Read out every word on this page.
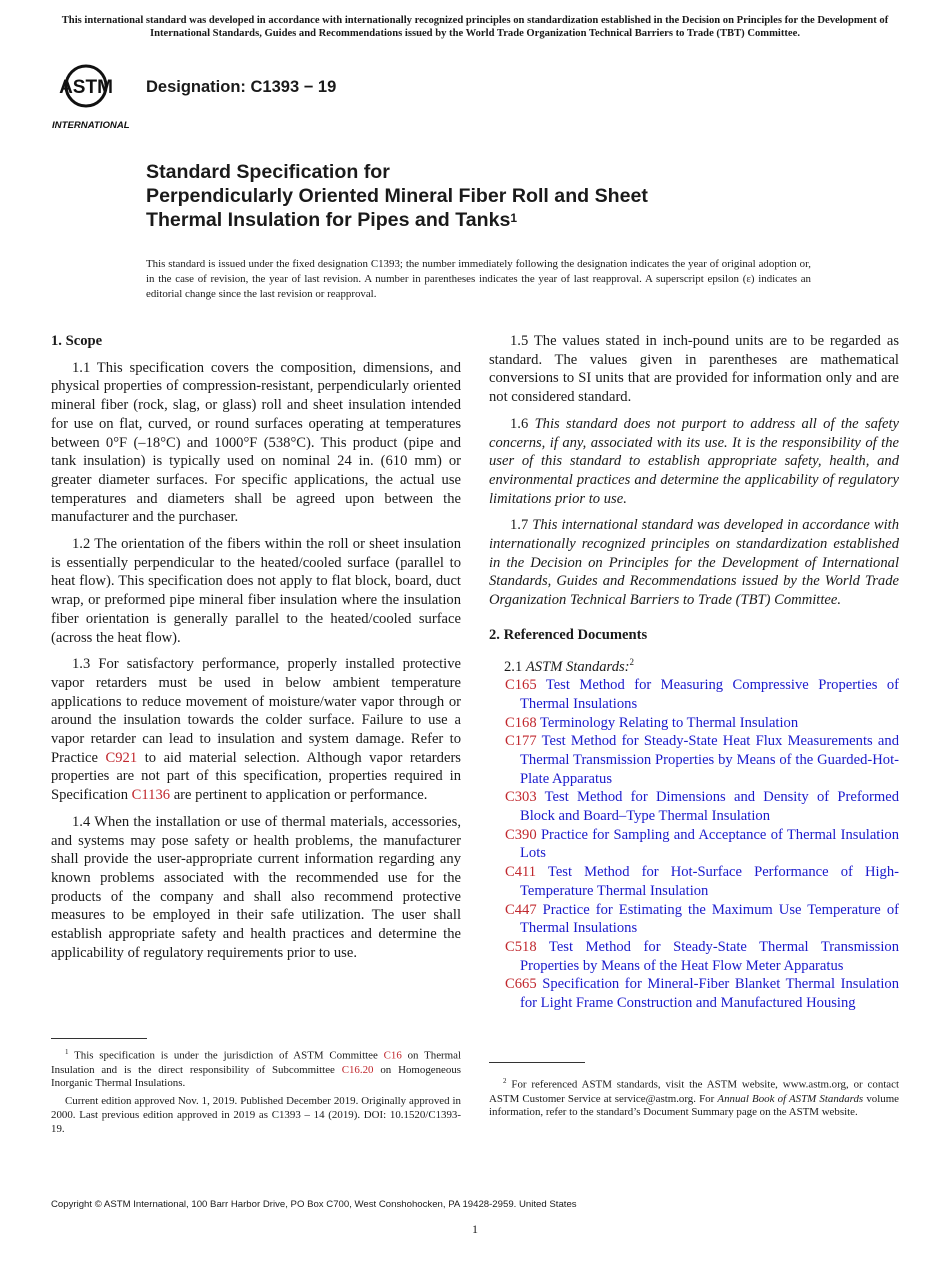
This international standard was developed in accordance with internationally recognized principles on standardization established in the Decision on Principles for the Development of International Standards, Guides and Recommendations issued by the World Trade Organization Technical Barriers to Trade (TBT) Committee.
ASTM
INTERNATIONAL
Designation: C1393 − 19
Standard Specification for
Perpendicularly Oriented Mineral Fiber Roll and Sheet
Thermal Insulation for Pipes and Tanks$^1$
This standard is issued under the fixed designation C1393; the number immediately following the designation indicates the year of original adoption or, in the case of revision, the year of last revision. A number in parentheses indicates the year of last reapproval. A superscript epsilon (ε) indicates an editorial change since the last revision or reapproval.
1. Scope

1.1 This specification covers the composition, dimensions, and physical properties of compression-resistant, perpendicularly oriented mineral fiber (rock, slag, or glass) roll and sheet insulation intended for use on flat, curved, or round surfaces operating at temperatures between 0°F (–18°C) and 1000°F (538°C). This product (pipe and tank insulation) is typically used on nominal 24 in. (610 mm) or greater diameter surfaces. For specific applications, the actual use temperatures and diameters shall be agreed upon between the manufacturer and the purchaser.

1.2 The orientation of the fibers within the roll or sheet insulation is essentially perpendicular to the heated/cooled surface (parallel to heat flow). This specification does not apply to flat block, board, duct wrap, or preformed pipe mineral fiber insulation where the insulation fiber orientation is generally parallel to the heated/cooled surface (across the heat flow).

1.3 For satisfactory performance, properly installed protective vapor retarders must be used in below ambient temperature applications to reduce movement of moisture/water vapor through or around the insulation towards the colder surface. Failure to use a vapor retarder can lead to insulation and system damage. Refer to Practice C921 to aid material selection. Although vapor retarders properties are not part of this specification, properties required in Specification C1136 are pertinent to application or performance.

1.4 When the installation or use of thermal materials, accessories, and systems may pose safety or health problems, the manufacturer shall provide the user-appropriate current information regarding any known problems associated with the recommended use for the products of the company and shall also recommend protective measures to be employed in their safe utilization. The user shall establish appropriate safety and health practices and determine the applicability of regulatory requirements prior to use.

1.5 The values stated in inch-pound units are to be regarded as standard. The values given in parentheses are mathematical conversions to SI units that are provided for information only and are not considered standard.

1.6 This standard does not purport to address all of the safety concerns, if any, associated with its use. It is the responsibility of the user of this standard to establish appropriate safety, health, and environmental practices and determine the applicability of regulatory limitations prior to use.

1.7 This international standard was developed in accordance with internationally recognized principles on standardization established in the Decision on Principles for the Development of International Standards, Guides and Recommendations issued by the World Trade Organization Technical Barriers to Trade (TBT) Committee.

2. Referenced Documents

2.1 ASTM Standards:$^2$

C165 Test Method for Measuring Compressive Properties of Thermal Insulations

C168 Terminology Relating to Thermal Insulation

C177 Test Method for Steady-State Heat Flux Measurements and Thermal Transmission Properties by Means of the Guarded-Hot-Plate Apparatus

C303 Test Method for Dimensions and Density of Preformed Block and Board–Type Thermal Insulation

C390 Practice for Sampling and Acceptance of Thermal Insulation Lots

C411 Test Method for Hot-Surface Performance of High-Temperature Thermal Insulation

C447 Practice for Estimating the Maximum Use Temperature of Thermal Insulations

C518 Test Method for Steady-State Thermal Transmission Properties by Means of the Heat Flow Meter Apparatus

C665 Specification for Mineral-Fiber Blanket Thermal Insulation for Light Frame Construction and Manufactured Housing

$^1$ This specification is under the jurisdiction of ASTM Committee C16 on Thermal Insulation and is the direct responsibility of Subcommittee C16.20 on Homogeneous Inorganic Thermal Insulations.

Current edition approved Nov. 1, 2019. Published December 2019. Originally approved in 2000. Last previous edition approved in 2019 as C1393 – 14 (2019). DOI: 10.1520/C1393-19.

$^2$ For referenced ASTM standards, visit the ASTM website, www.astm.org, or contact ASTM Customer Service at service@astm.org. For Annual Book of ASTM Standards volume information, refer to the standard’s Document Summary page on the ASTM website.

Copyright © ASTM International, 100 Barr Harbor Drive, PO Box C700, West Conshohocken, PA 19428-2959. United States
1
